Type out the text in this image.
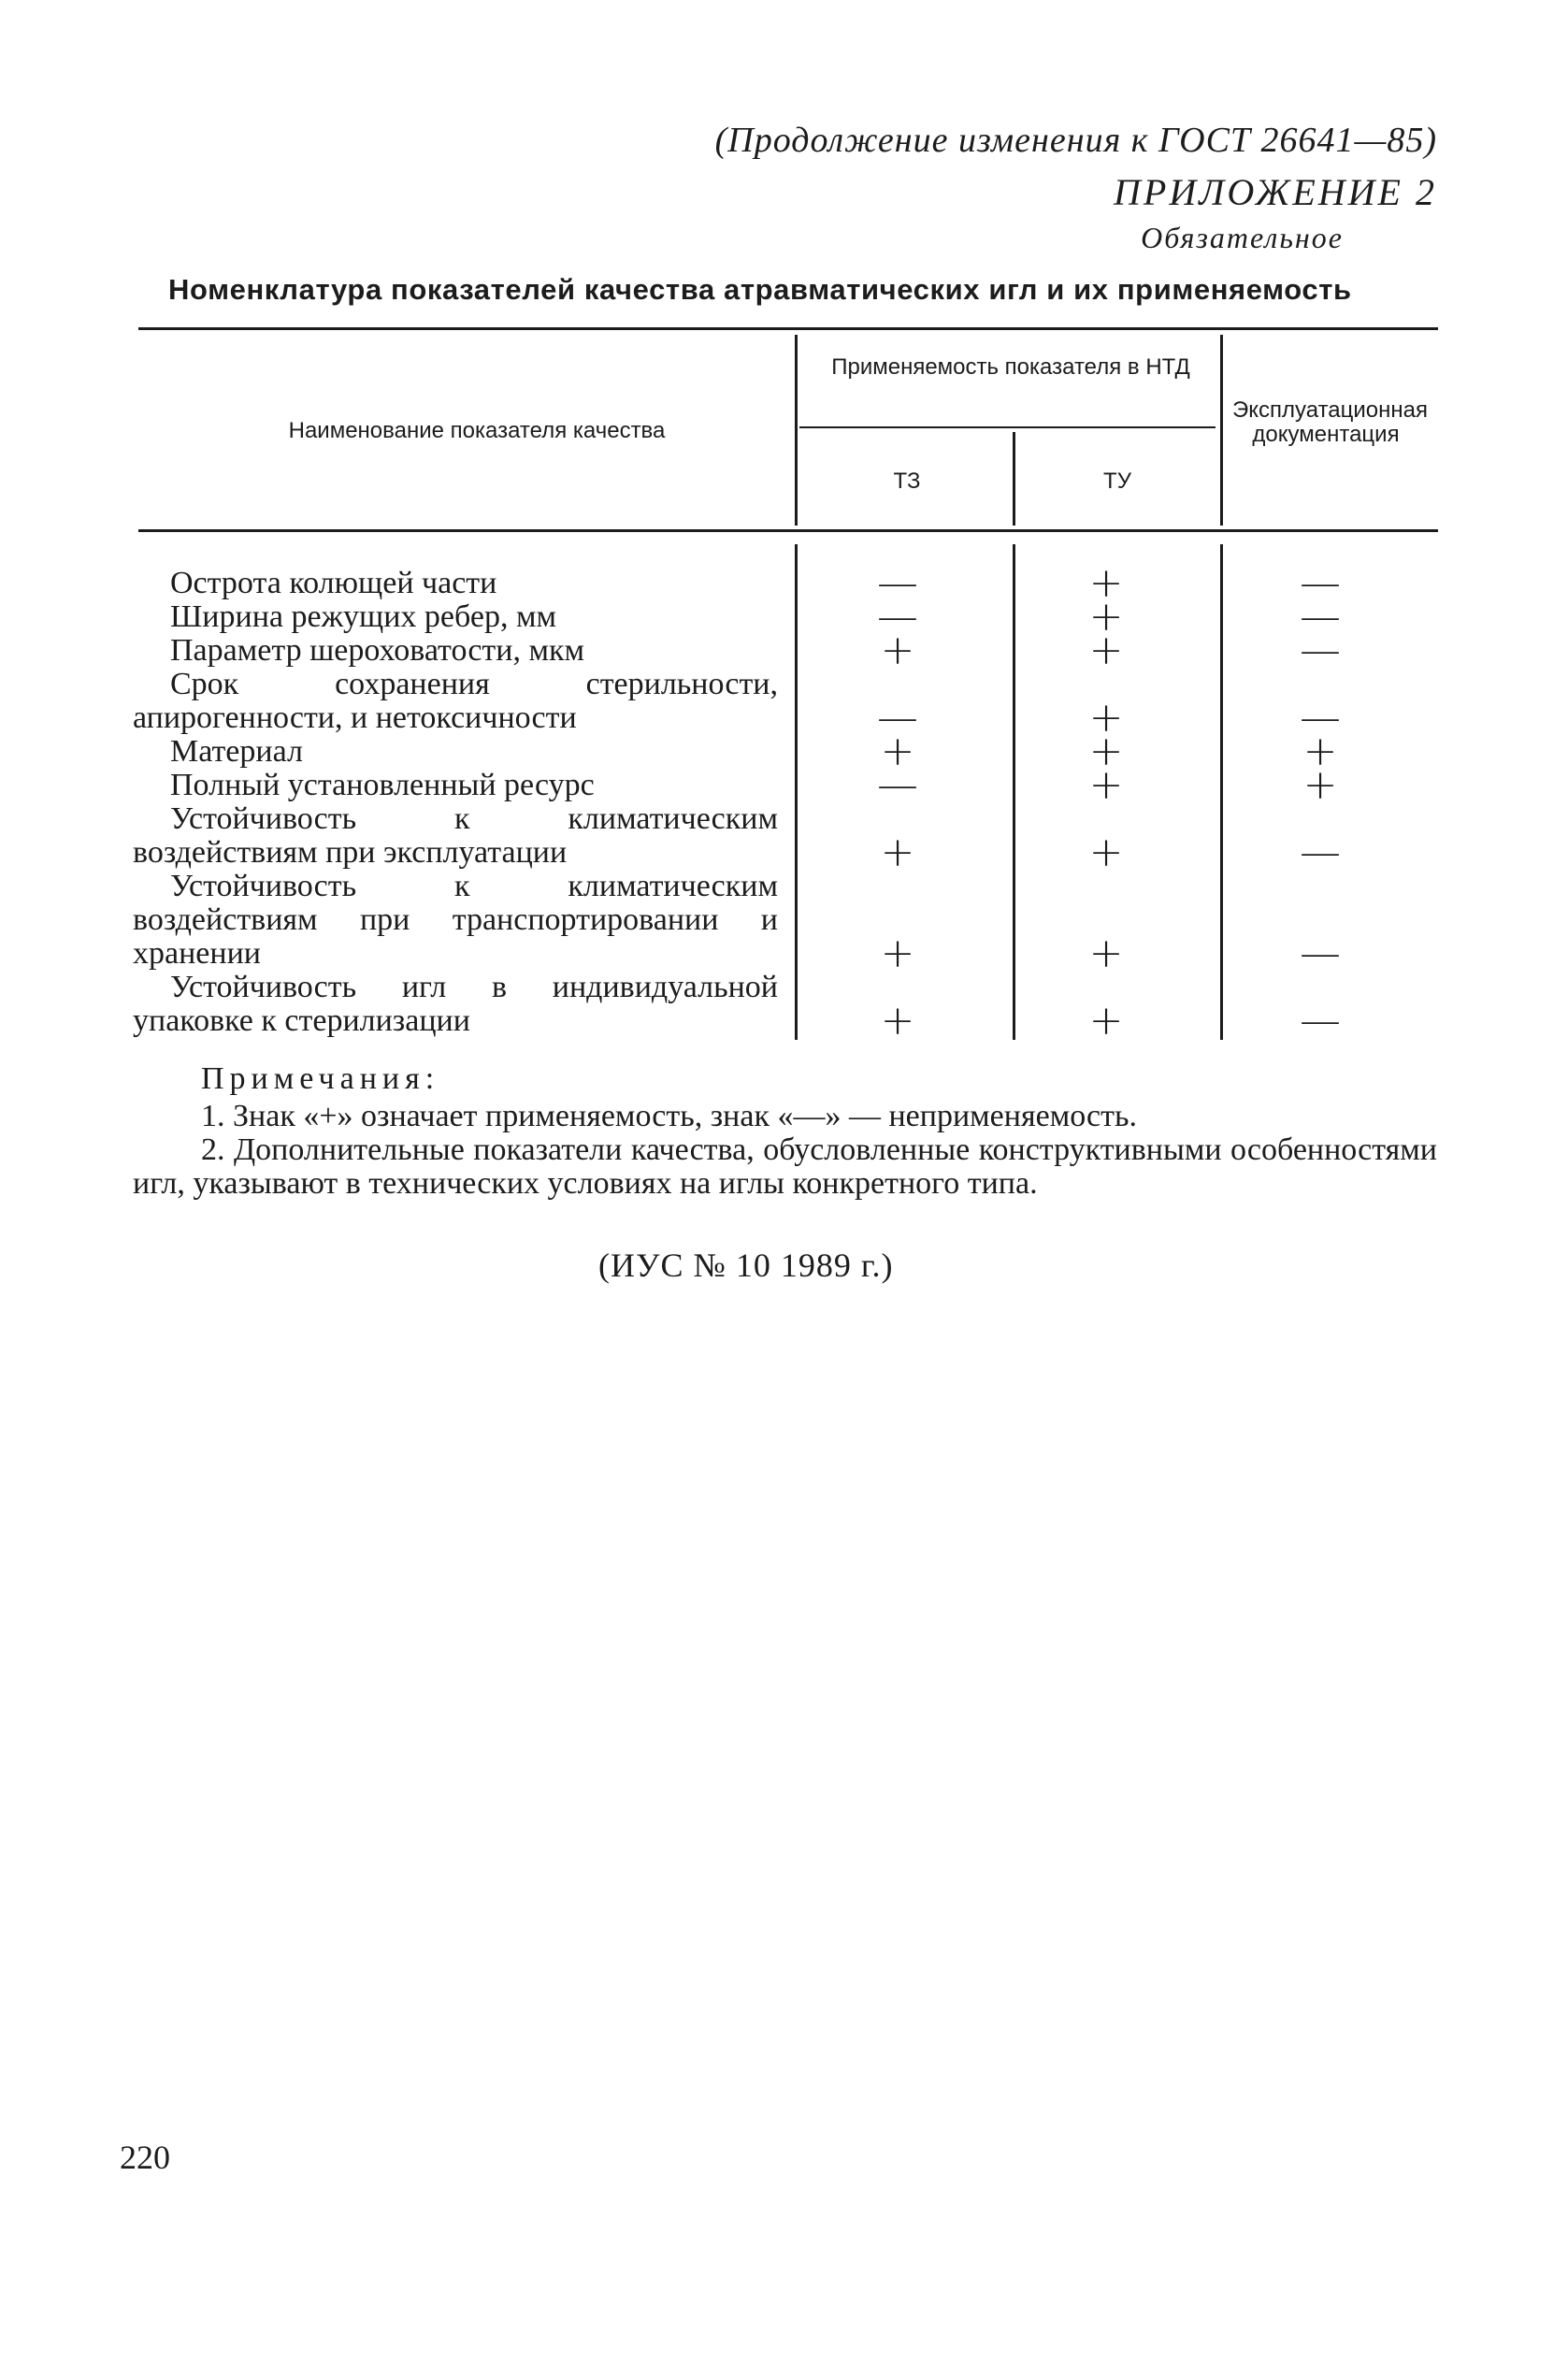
(Продолжение изменения к ГОСТ 26641—85)
ПРИЛОЖЕНИЕ 2
Обязательное
Номенклатура показателей качества атравматических игл и их применяемость
Наименование показателя качества
Применяемость показателя в НТД
ТЗ	ТУ
Эксплуатационная документация
Острота колющей части
Ширина режущих ребер, мм
Параметр шероховатости, мкм
Срок сохранения стерильности, апирогенности, и нетоксичности
Материал
Полный установленный ресурс
Устойчивость к климатическим воздействиям при эксплуатации
Устойчивость к климатическим воздействиям при транспортировании и хранении
Устойчивость игл в индивидуальной упаковке к стерилизации
—
—
+
—
+
—
+
+
+
+
+
+
+
+
+
+
+
+
—
—
—
—
+
+
—
—
—
Примечания:
1. Знак «+» означает применяемость, знак «—» — неприменяемость.
2. Дополнительные показатели качества, обусловленные конструктивными особенностями игл, указывают в технических условиях на иглы конкретного типа.
(ИУС № 10 1989 г.)
220
